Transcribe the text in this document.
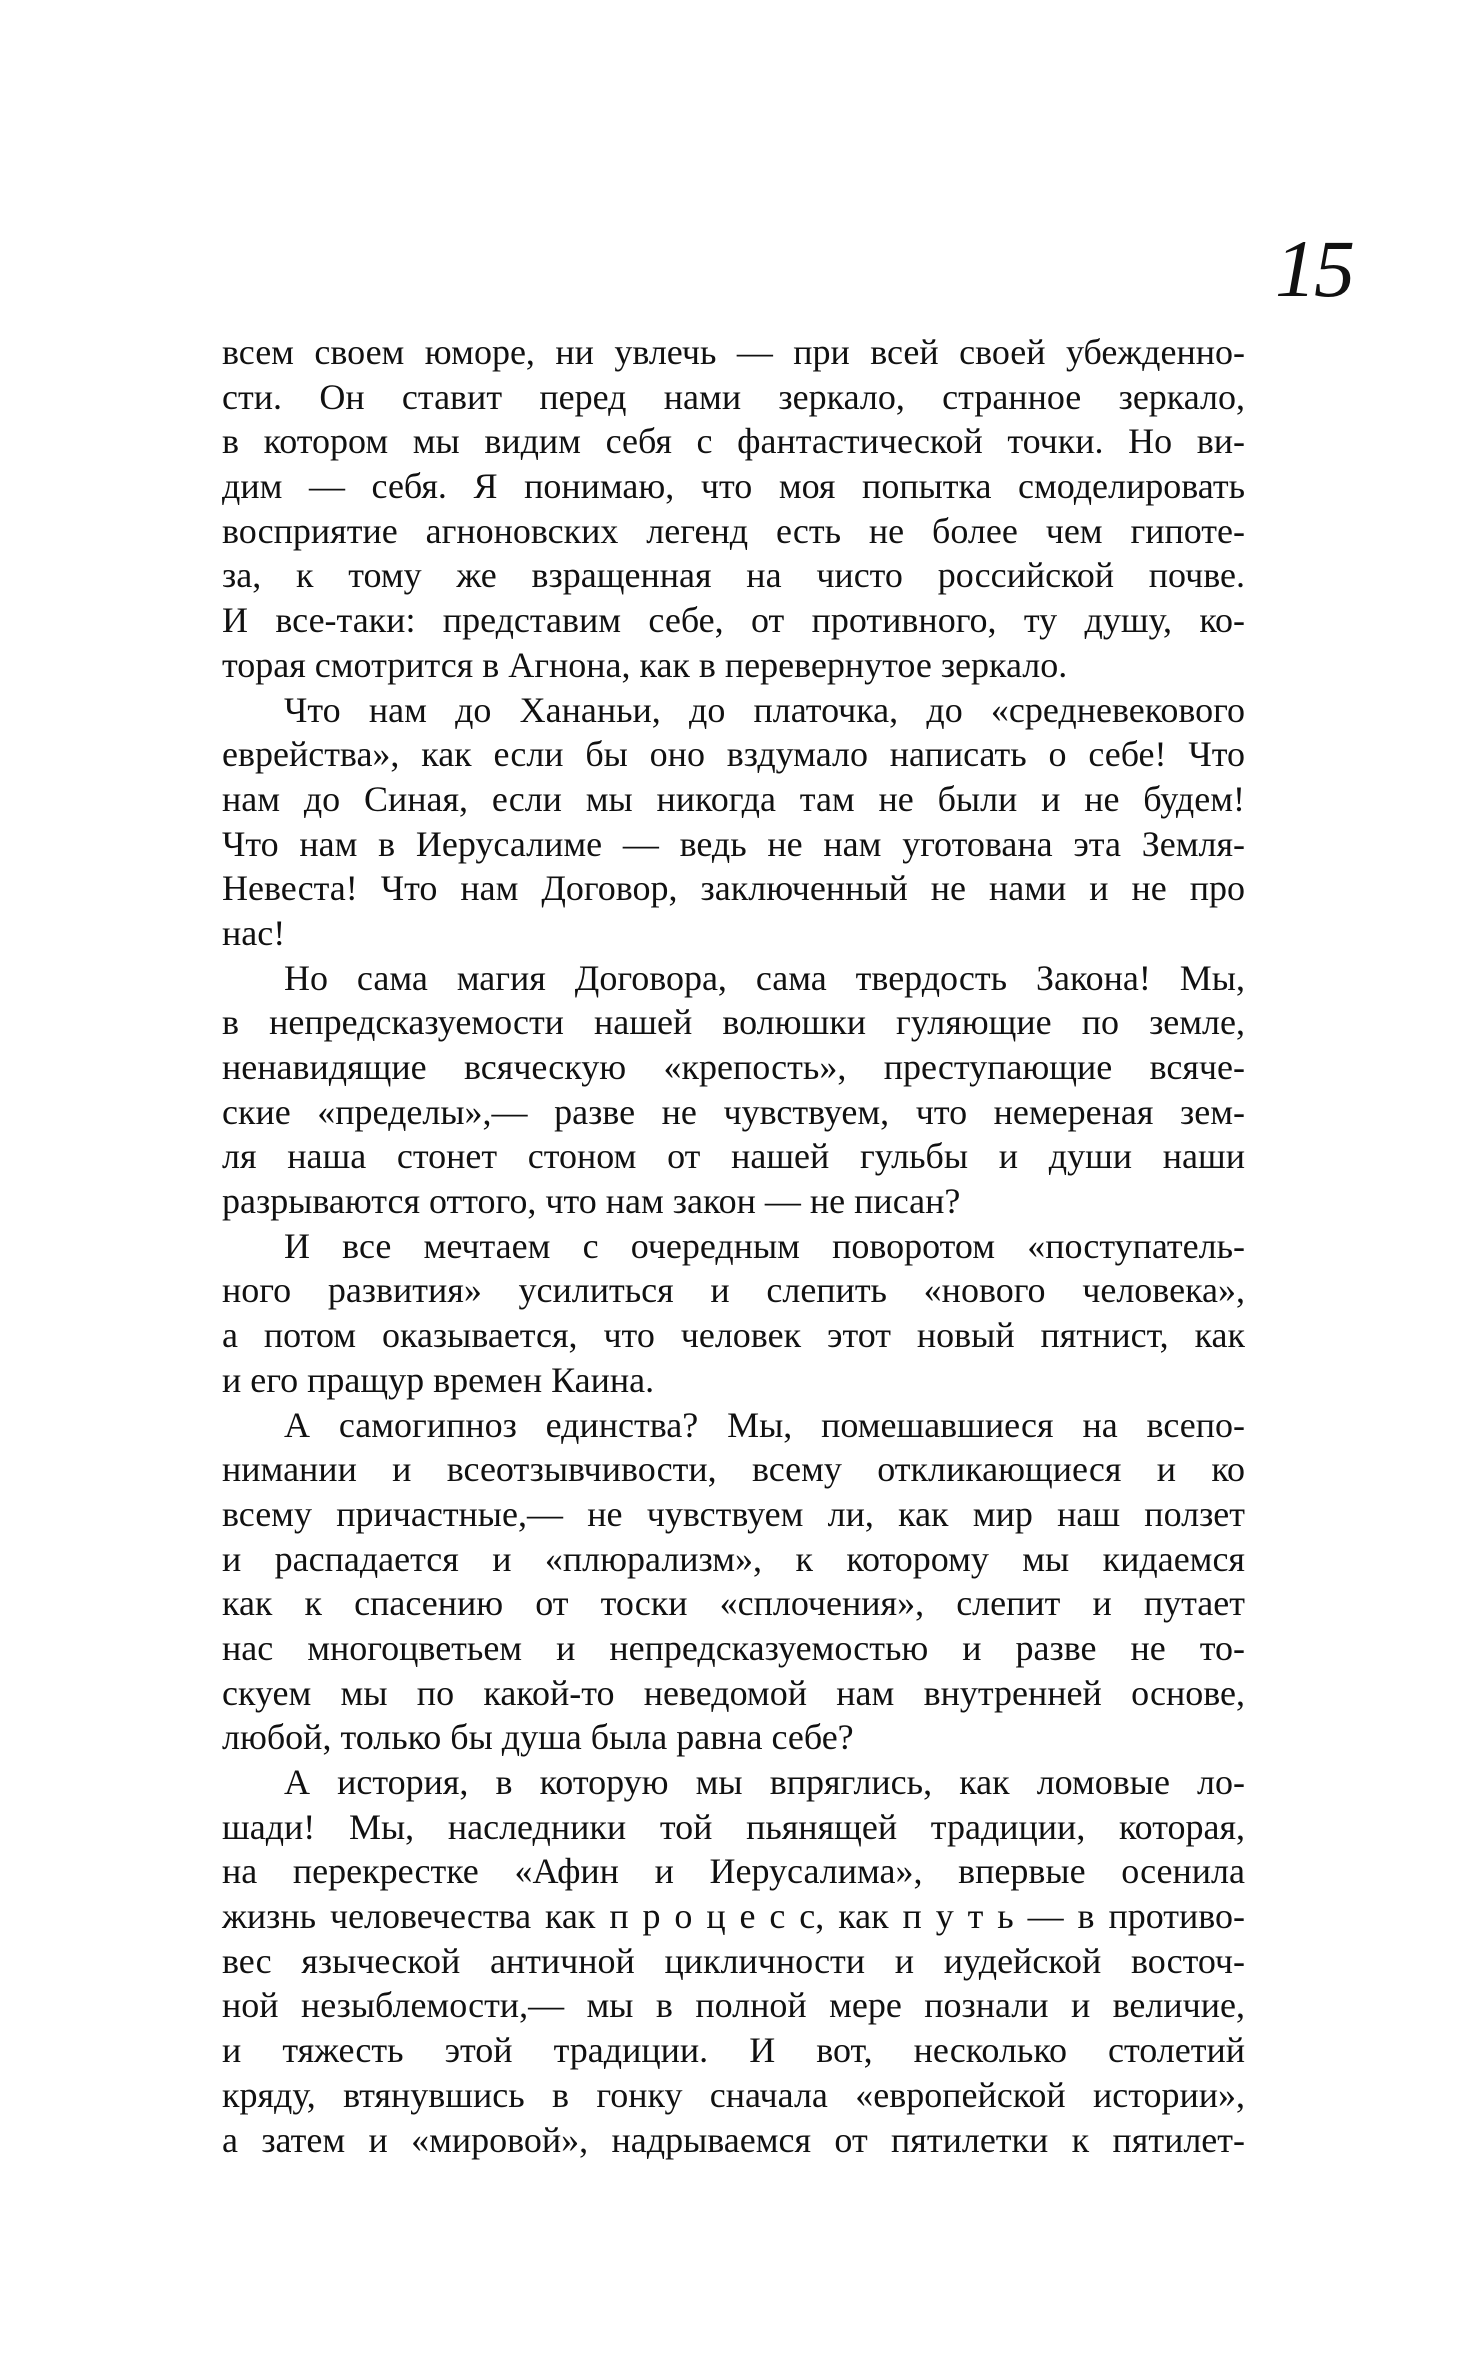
15
всем своем юморе, ни увлечь — при всей своей убежденно-
сти. Он ставит перед нами зеркало, странное зеркало,
в котором мы видим себя с фантастической точки. Но ви-
дим — себя. Я понимаю, что моя попытка смоделировать
восприятие агноновских легенд есть не более чем гипоте-
за, к тому же взращенная на чисто российской почве.
И все-таки: представим себе, от противного, ту душу, ко-
торая смотрится в Агнона, как в перевернутое зеркало.
Что нам до Хананьи, до платочка, до «средневекового
еврейства», как если бы оно вздумало написать о себе! Что
нам до Синая, если мы никогда там не были и не будем!
Что нам в Иерусалиме — ведь не нам уготована эта Земля-
Невеста! Что нам Договор, заключенный не нами и не про
нас!
Но сама магия Договора, сама твердость Закона! Мы,
в непредсказуемости нашей волюшки гуляющие по земле,
ненавидящие всяческую «крепость», преступающие всяче-
ские «пределы»,— разве не чувствуем, что немереная зем-
ля наша стонет стоном от нашей гульбы и души наши
разрываются оттого, что нам закон — не писан?
И все мечтаем с очередным поворотом «поступатель-
ного развития» усилиться и слепить «нового человека»,
а потом оказывается, что человек этот новый пятнист, как
и его пращур времен Каина.
А самогипноз единства? Мы, помешавшиеся на всепо-
нимании и всеотзывчивости, всему откликающиеся и ко
всему причастные,— не чувствуем ли, как мир наш ползет
и распадается и «плюрализм», к которому мы кидаемся
как к спасению от тоски «сплочения», слепит и путает
нас многоцветьем и непредсказуемостью и разве не то-
скуем мы по какой-то неведомой нам внутренней основе,
любой, только бы душа была равна себе?
А история, в которую мы впряглись, как ломовые ло-
шади! Мы, наследники той пьянящей традиции, которая,
на перекрестке «Афин и Иерусалима», впервые осенила
жизнь человечества как п р о ц е с с, как п у т ь — в противо-
вес языческой античной цикличности и иудейской восточ-
ной незыблемости,— мы в полной мере познали и величие,
и тяжесть этой традиции. И вот, несколько столетий
кряду, втянувшись в гонку сначала «европейской истории»,
а затем и «мировой», надрываемся от пятилетки к пятилет-
